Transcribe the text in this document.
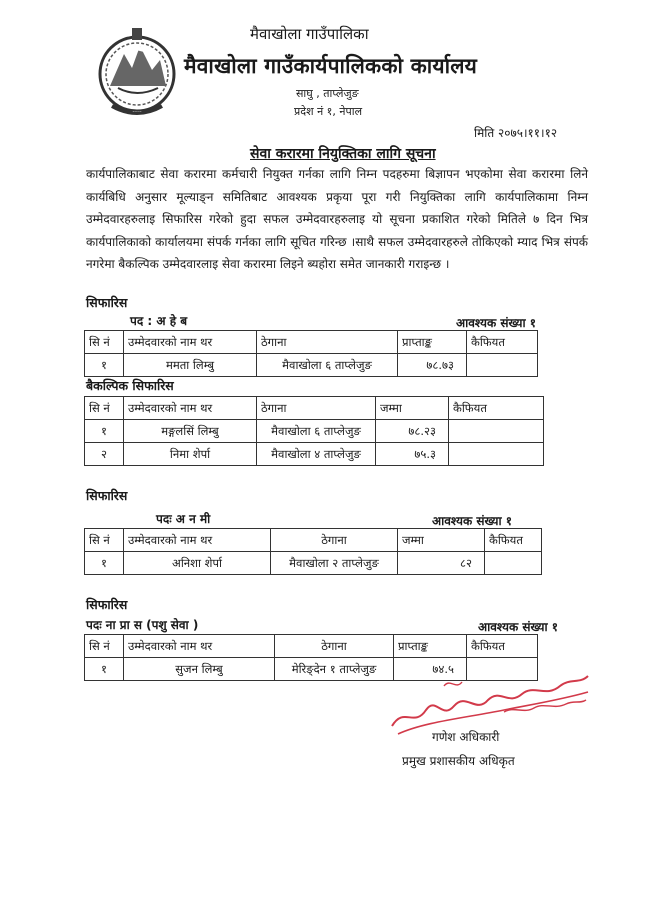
·····
मैवाखोला गाउँपालिका
मैवाखोला गाउँकार्यपालिकको कार्यालय
साघु , ताप्लेजुङ
प्रदेश नं १, नेपाल
मिति २०७५।११।१२
सेवा करारमा नियुक्तिका लागि सूचना
कार्यपालिकाबाट सेवा करारमा कर्मचारी नियुक्त गर्नका लागि निम्न पदहरुमा बिज्ञापन भएकोमा सेवा करारमा लिने कार्यबिधि अनुसार मूल्याङ्न समितिबाट आवश्यक प्रकृया पूरा गरी नियुक्तिका लागि कार्यपालिकामा निम्न उम्मेदवारहरुलाइ सिफारिस गरेको हुदा सफल उम्मेदवारहरुलाइ यो सूचना प्रकाशित गरेको मितिले ७ दिन भित्र कार्यपालिकाको कार्यालयमा संपर्क गर्नका लागि सूचित गरिन्छ ।साथै सफल उम्मेदवारहरुले तोकिएको म्याद भित्र संपर्क नगरेमा बैकल्पिक उम्मेदवारलाइ सेवा करारमा लिइने ब्यहोरा समेत जानकारी गराइन्छ ।
सिफारिस
पद : अ हे ब	आवश्यक संख्या १
सि नं	उम्मेदवारको नाम थर	ठेगाना	प्राप्ताङ्क	कैफियत
१	ममता लिम्बु	मैवाखोला ६ ताप्लेजुङ	७८.७३	
बैकल्पिक सिफारिस
सि नं	उम्मेदवारको नाम थर	ठेगाना	जम्मा	कैफियत
१	मङ्गलसिं लिम्बु	मैवाखोला ६ ताप्लेजुङ	७८.२३	
२	निमा शेर्पा	मैवाखोला ४ ताप्लेजुङ	७५.३	
सिफारिस
पदः अ न मी	आवश्यक संख्या १
सि नं	उम्मेदवारको नाम थर	ठेगाना	जम्मा	कैफियत
१	अनिशा शेर्पा	मैवाखोला २ ताप्लेजुङ	८२	
सिफारिस
पदः ना प्रा स (पशु सेवा )	आवश्यक संख्या १
सि नं	उम्मेदवारको नाम थर	ठेगाना	प्राप्ताङ्क	कैफियत
१	सुजन लिम्बु	मेरिङ्देन १ ताप्लेजुङ	७४.५	
गणेश अधिकारी
प्रमुख प्रशासकीय अधिकृत
